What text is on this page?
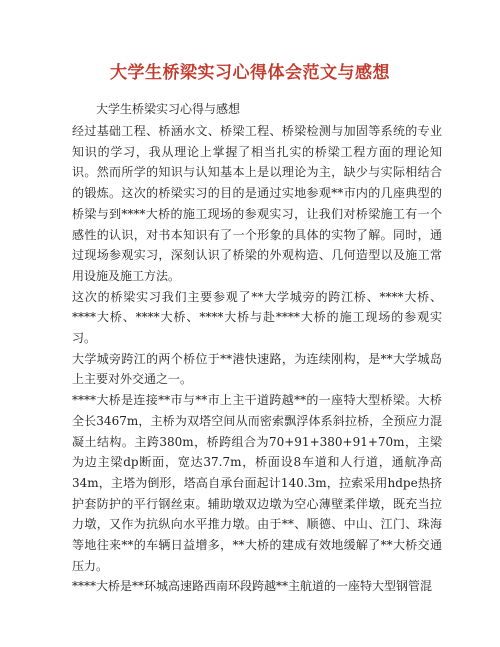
大学生桥梁实习心得体会范文与感想
大学生桥梁实习心得与感想

经过基础工程、桥涵水文、桥梁工程、桥梁检测与加固等系统的专业知识的学习，我从理论上掌握了相当扎实的桥梁工程方面的理论知识。然而所学的知识与认知基本上是以理论为主，缺少与实际相结合的锻炼。这次的桥梁实习的目的是通过实地参观**市内的几座典型的桥梁与到****大桥的施工现场的参观实习，让我们对桥梁施工有一个感性的认识，对书本知识有了一个形象的具体的实物了解。同时，通过现场参观实习，深刻认识了桥梁的外观构造、几何造型以及施工常用设施及施工方法。

这次的桥梁实习我们主要参观了**大学城旁的跨江桥、****大桥、****大桥、****大桥、****大桥与赴****大桥的施工现场的参观实习。

大学城旁跨江的两个桥位于**港快速路，为连续刚构，是**大学城岛上主要对外交通之一。

****大桥是连接**市与**市上主干道跨越**的一座特大型桥梁。大桥全长3467m，主桥为双塔空间从而密索飘浮体系斜拉桥，全预应力混凝土结构。主跨380m，桥跨组合为70+91+380+91+70m，主梁为边主梁dp断面，宽达37.7m，桥面设8车道和人行道，通航净高34m，主塔为倒形，塔高自承台面起计140.3m，拉索采用hdpe热挤护套防护的平行钢丝束。辅助墩双边墩为空心薄壁柔伴墩，既充当拉力墩，又作为抗纵向水平推力墩。由于**、顺德、中山、江门、珠海等地往来**的车辆日益增多，**大桥的建成有效地缓解了**大桥交通压力。

****大桥是**环城高速路西南环段跨越**主航道的一座特大型钢管混
